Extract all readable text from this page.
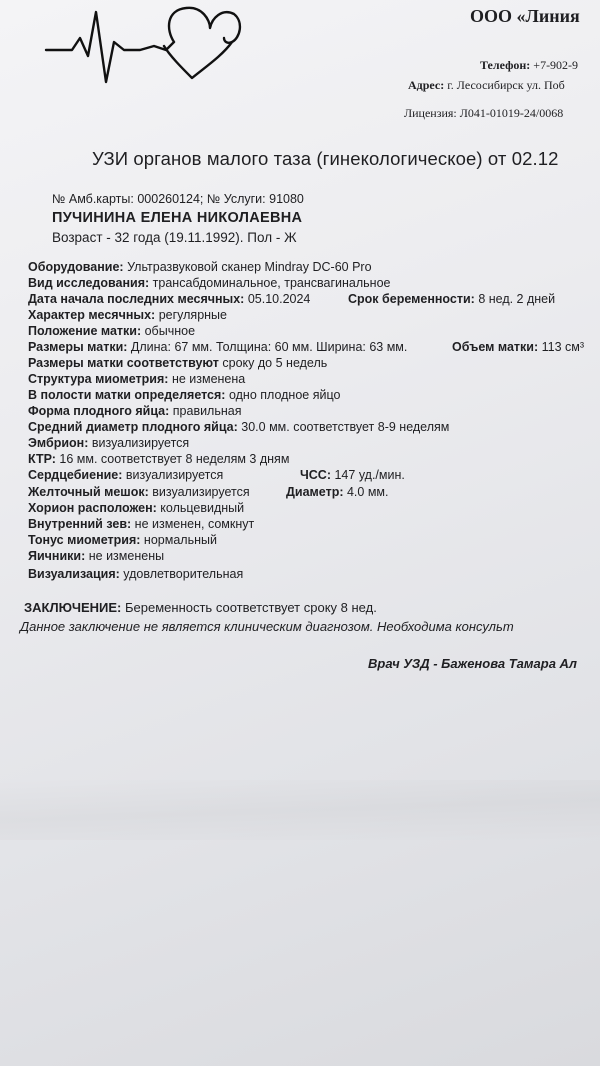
ООО «Линия
Телефон: +7-902-9
Адрес: г. Лесосибирск ул. Поб
Лицензия: Л041-01019-24/0068
УЗИ органов малого таза (гинекологическое) от 02.12
№ Амб.карты: 000260124; № Услуги: 91080
ПУЧИНИНА ЕЛЕНА НИКОЛАЕВНА
Возраст - 32 года (19.11.1992). Пол - Ж
Оборудование: Ультразвуковой сканер Mindray DC-60 Pro
Вид исследования: трансабдоминальное, трансвагинальное
Дата начала последних месячных: 05.10.2024	Срок беременности: 8 нед. 2 дней
Характер месячных: регулярные
Положение матки: обычное
Размеры матки: Длина: 67 мм. Толщина: 60 мм. Ширина: 63 мм.	Объем матки: 113 см³
Размеры матки соответствуют сроку до 5 недель
Структура миометрия: не изменена
В полости матки определяется: одно плодное яйцо
Форма плодного яйца: правильная
Средний диаметр плодного яйца: 30.0 мм. соответствует 8-9 неделям
Эмбрион: визуализируется
КТР: 16 мм. соответствует 8 неделям 3 дням
Сердцебиение: визуализируется	ЧСС: 147 уд./мин.
Желточный мешок: визуализируется	Диаметр: 4.0 мм.
Хорион расположен: кольцевидный
Внутренний зев: не изменен, сомкнут
Тонус миометрия: нормальный
Яичники: не изменены
Визуализация: удовлетворительная
ЗАКЛЮЧЕНИЕ: Беременность соответствует сроку 8 нед.
Данное заключение не является клиническим диагнозом. Необходима консульт
Врач УЗД - Баженова Тамара Ал
